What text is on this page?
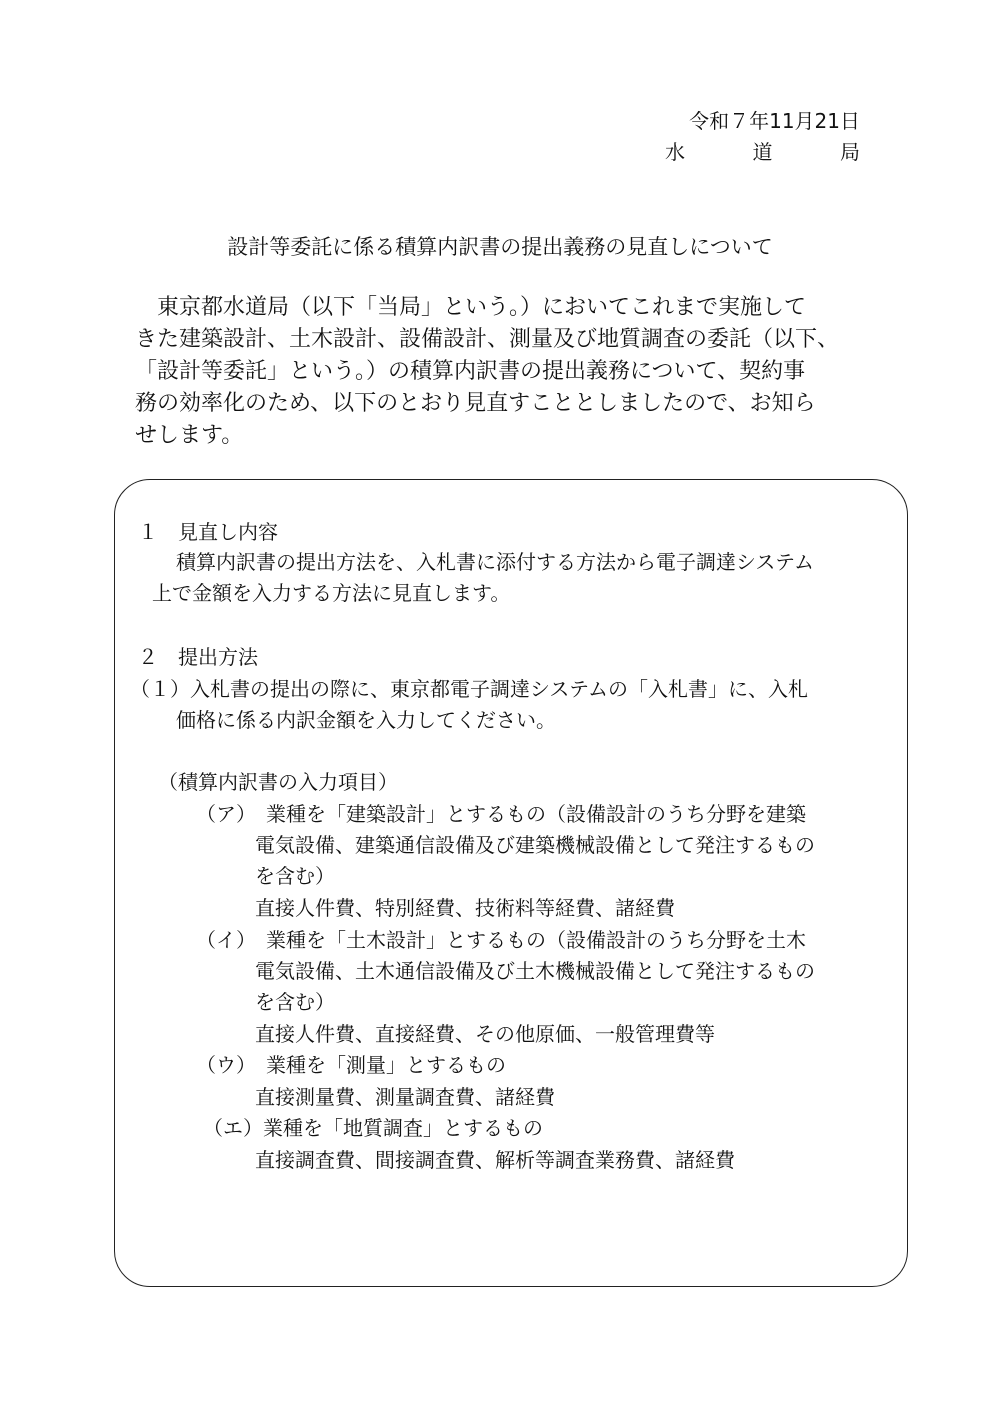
令和７年11月21日
水道局
設計等委託に係る積算内訳書の提出義務の見直しについて
　東京都水道局（以下「当局」という。）においてこれまで実施して
きた建築設計、土木設計、設備設計、測量及び地質調査の委託（以下、
「設計等委託」という。）の積算内訳書の提出義務について、契約事
務の効率化のため、以下のとおり見直すこととしましたので、お知ら
せします。
１　見直し内容
積算内訳書の提出方法を、入札書に添付する方法から電子調達システム
上で金額を入力する方法に見直します。
２　提出方法
（１）入札書の提出の際に、東京都電子調達システムの「入札書」に、入札
価格に係る内訳金額を入力してください。
（積算内訳書の入力項目）
（ア）　業種を「建築設計」とするもの（設備設計のうち分野を建築
電気設備、建築通信設備及び建築機械設備として発注するもの
を含む）
直接人件費、特別経費、技術料等経費、諸経費
（イ）　業種を「土木設計」とするもの（設備設計のうち分野を土木
電気設備、土木通信設備及び土木機械設備として発注するもの
を含む）
直接人件費、直接経費、その他原価、一般管理費等
（ウ）　業種を「測量」とするもの
直接測量費、測量調査費、諸経費
（エ）業種を「地質調査」とするもの
直接調査費、間接調査費、解析等調査業務費、諸経費
